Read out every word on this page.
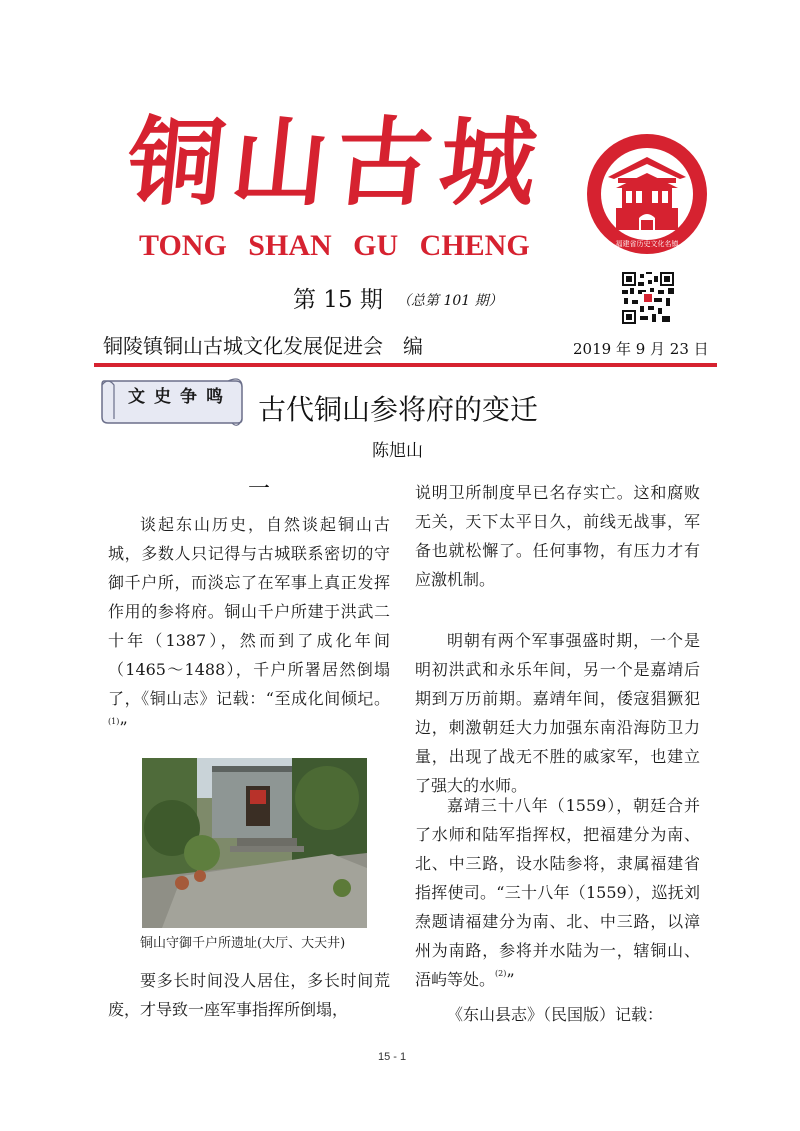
铜山古城
TONG SHAN GU CHENG	福建省历史文化名镇
第 15 期 （总第 101 期）
铜陵镇铜山古城文化发展促进会　编	2019 年 9 月 23 日
文史争鸣 古代铜山参将府的变迁
陈旭山
一
谈起东山历史，自然谈起铜山古城，多数人只记得与古城联系密切的守御千户所，而淡忘了在军事上真正发挥作用的参将府。铜山千户所建于洪武二十年（1387），然而到了成化年间（1465～1488），千户所署居然倒塌了，《铜山志》记载：“至成化间倾圮。$^{(1)}$”
铜山守御千户所遗址(大厅、大天井)
要多长时间没人居住，多长时间荒废，才导致一座军事指挥所倒塌，
说明卫所制度早已名存实亡。这和腐败无关，天下太平日久，前线无战事，军备也就松懈了。任何事物，有压力才有应激机制。
明朝有两个军事强盛时期，一个是明初洪武和永乐年间，另一个是嘉靖后期到万历前期。嘉靖年间，倭寇猖獗犯边，刺激朝廷大力加强东南沿海防卫力量，出现了战无不胜的戚家军，也建立了强大的水师。
嘉靖三十八年（1559），朝廷合并了水师和陆军指挥权，把福建分为南、北、中三路，设水陆参将，隶属福建省指挥使司。“三十八年（1559），巡抚刘焘题请福建分为南、北、中三路，以漳州为南路，参将并水陆为一，辖铜山、浯屿等处。$^{(2)}$”
《东山县志》（民国版）记载：
15 - 1
